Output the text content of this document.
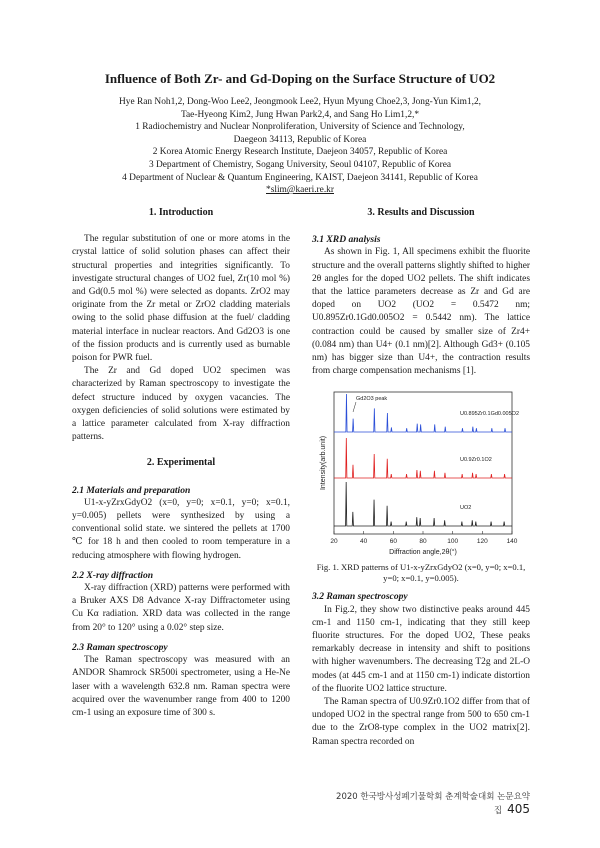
Influence of Both Zr- and Gd-Doping on the Surface Structure of UO2
Hye Ran Noh1,2, Dong-Woo Lee2, Jeongmook Lee2, Hyun Myung Choe2,3, Jong-Yun Kim1,2,
Tae-Hyeong Kim2, Jung Hwan Park2,4, and Sang Ho Lim1,2,*
1 Radiochemistry and Nuclear Nonproliferation, University of Science and Technology,
Daegeon 34113, Republic of Korea
2 Korea Atomic Energy Research Institute, Daejeon 34057, Republic of Korea
3 Department of Chemistry, Sogang University, Seoul 04107, Republic of Korea
4 Department of Nuclear & Quantum Engineering, KAIST, Daejeon 34141, Republic of Korea
*slim@kaeri.re.kr
1. Introduction

The regular substitution of one or more atoms in the crystal lattice of solid solution phases can affect their structural properties and integrities significantly. To investigate structural changes of UO2 fuel, Zr(10 mol %) and Gd(0.5 mol %) were selected as dopants. ZrO2 may originate from the Zr metal or ZrO2 cladding materials owing to the solid phase diffusion at the fuel/ cladding material interface in nuclear reactors. And Gd2O3 is one of the fission products and is currently used as burnable poison for PWR fuel.

The Zr and Gd doped UO2 specimen was characterized by Raman spectroscopy to investigate the defect structure induced by oxygen vacancies. The oxygen deficiencies of solid solutions were estimated by a lattice parameter calculated from X-ray diffraction patterns.

2. Experimental
2.1 Materials and preparation

U1-x-yZrxGdyO2 (x=0, y=0; x=0.1, y=0; x=0.1, y=0.005) pellets were synthesized by using a conventional solid state. we sintered the pellets at 1700 ℃ for 18 h and then cooled to room temperature in a reducing atmosphere with flowing hydrogen.

2.2 X-ray diffraction

X-ray diffraction (XRD) patterns were performed with a Bruker AXS D8 Advance X-ray Diffractometer using Cu Kα radiation. XRD data was collected in the range from 20° to 120° using a 0.02° step size.

2.3 Raman spectroscopy

The Raman spectroscopy was measured with an ANDOR Shamrock SR500i spectrometer, using a He-Ne laser with a wavelength 632.8 nm. Raman spectra were acquired over the wavenumber range from 400 to 1200 cm-1 using an exposure time of 300 s.

3. Results and Discussion
3.1 XRD analysis

As shown in Fig. 1, All specimens exhibit the fluorite structure and the overall patterns slightly shifted to higher 2θ angles for the doped UO2 pellets. The shift indicates that the lattice parameters decrease as Zr and Gd are doped on UO2 (UO2 = 0.5472 nm; U0.895Zr0.1Gd0.005O2 = 0.5442 nm). The lattice contraction could be caused by smaller size of Zr4+ (0.084 nm) than U4+ (0.1 nm)[2]. Although Gd3+ (0.105 nm) has bigger size than U4+, the contraction results from charge compensation mechanisms [1].

20	40	60	80	100	120	140
Diffraction angle,2θ(°)
Intensity(arb.unit)
U0.895Zr0.1Gd0.005O2
U0.9Zr0.1O2
UO2
Gd2O3 peak
Fig. 1. XRD patterns of U1-x-yZrxGdyO2 (x=0, y=0; x=0.1, y=0; x=0.1, y=0.005).
3.2 Raman spectroscopy

In Fig.2, they show two distinctive peaks around 445 cm-1 and 1150 cm-1, indicating that they still keep fluorite structures. For the doped UO2, These peaks remarkably decrease in intensity and shift to positions with higher wavenumbers. The decreasing T2g and 2L-O modes (at 445 cm-1 and at 1150 cm-1) indicate distortion of the fluorite UO2 lattice structure.

The Raman spectra of U0.9Zr0.1O2 differ from that of undoped UO2 in the spectral range from 500 to 650 cm-1 due to the ZrO8-type complex in the UO2 matrix[2]. Raman spectra recorded on

2020 한국방사성폐기물학회 춘계학술대회 논문요약집 405
